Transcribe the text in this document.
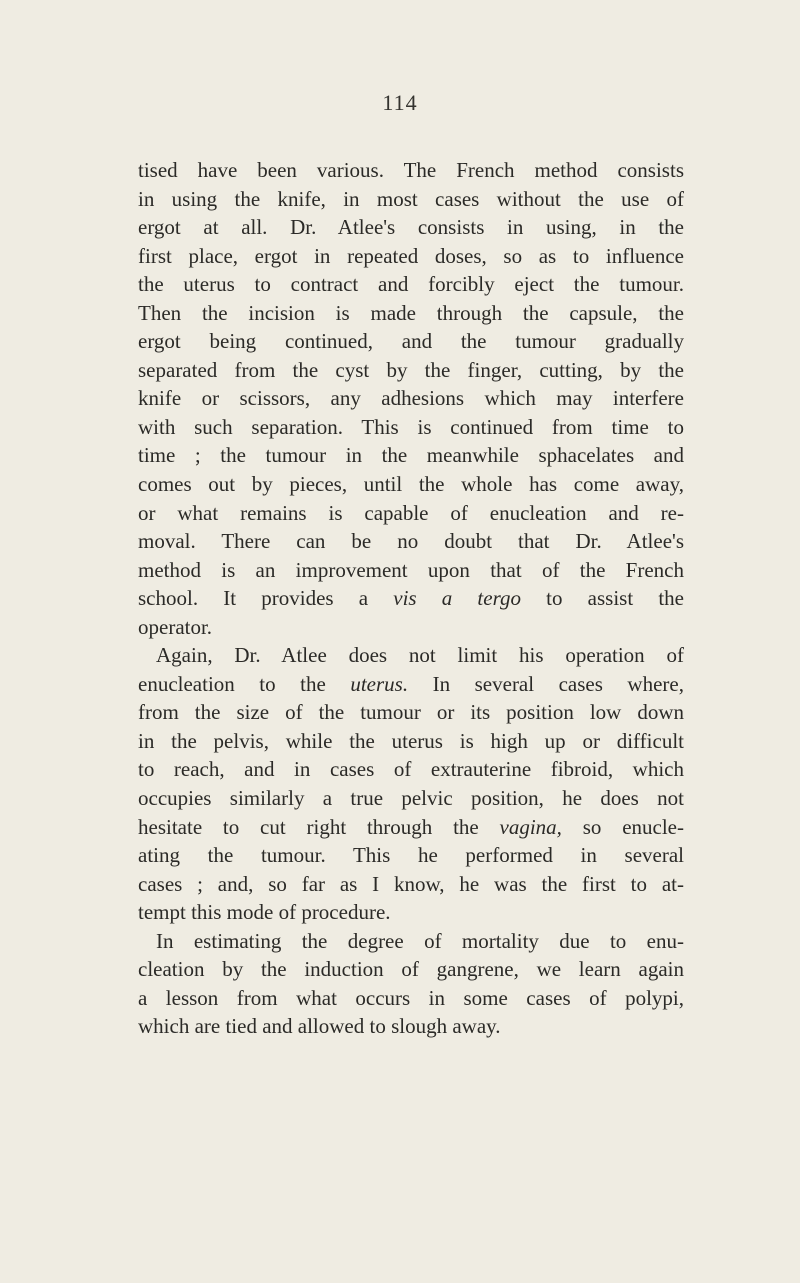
114
tised have been various. The French method consists
in using the knife, in most cases without the use of
ergot at all. Dr. Atlee's consists in using, in the
first place, ergot in repeated doses, so as to influence
the uterus to contract and forcibly eject the tumour.
Then the incision is made through the capsule, the
ergot being continued, and the tumour gradually
separated from the cyst by the finger, cutting, by the
knife or scissors, any adhesions which may interfere
with such separation. This is continued from time to
time ; the tumour in the meanwhile sphacelates and
comes out by pieces, until the whole has come away,
or what remains is capable of enucleation and re-
moval. There can be no doubt that Dr. Atlee's
method is an improvement upon that of the French
school. It provides a vis a tergo to assist the
operator.
Again, Dr. Atlee does not limit his operation of
enucleation to the uterus. In several cases where,
from the size of the tumour or its position low down
in the pelvis, while the uterus is high up or difficult
to reach, and in cases of extrauterine fibroid, which
occupies similarly a true pelvic position, he does not
hesitate to cut right through the vagina, so enucle-
ating the tumour. This he performed in several
cases ; and, so far as I know, he was the first to at-
tempt this mode of procedure.
In estimating the degree of mortality due to enu-
cleation by the induction of gangrene, we learn again
a lesson from what occurs in some cases of polypi,
which are tied and allowed to slough away.
